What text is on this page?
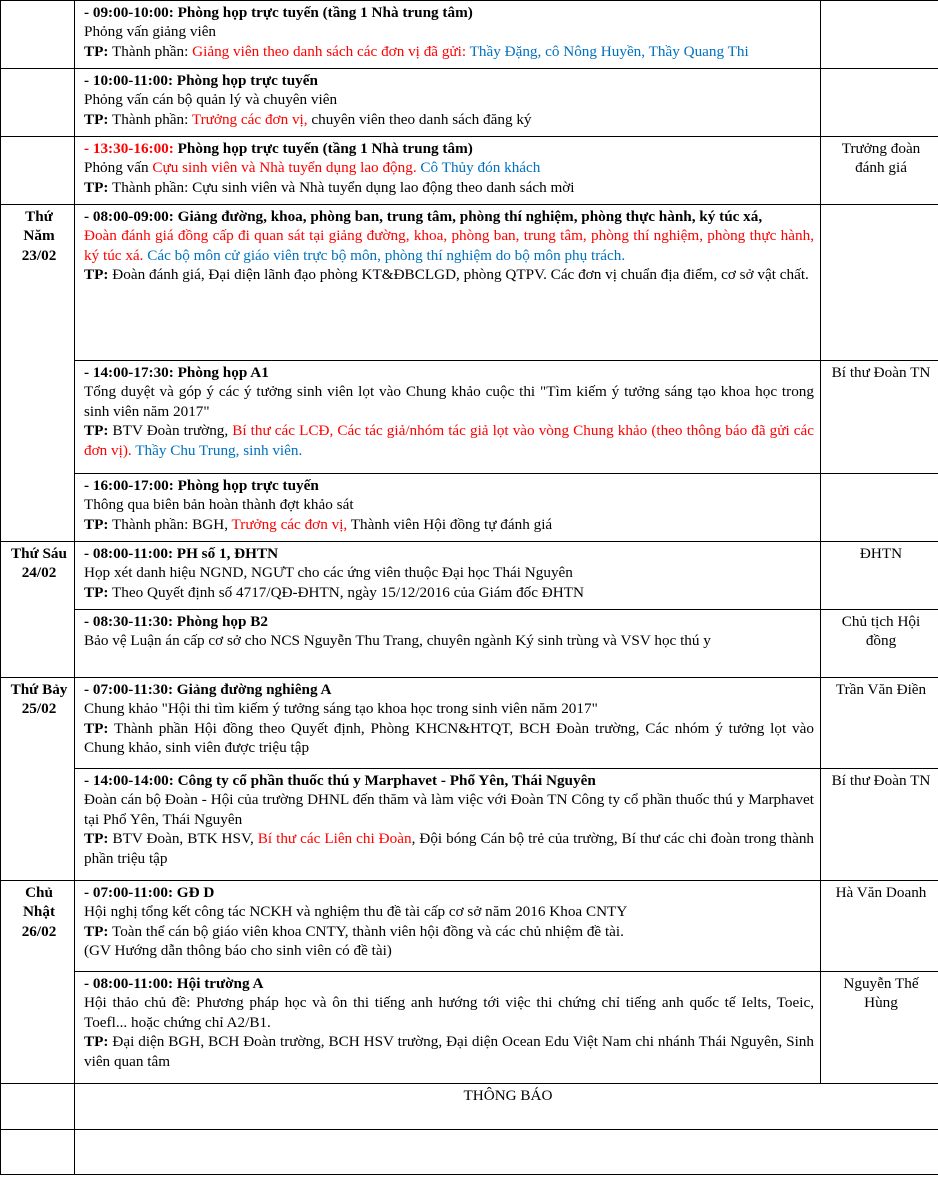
	- 09:00-10:00: Phòng họp trực tuyến (tầng 1 Nhà trung tâm)
Phỏng vấn giảng viên
TP: Thành phần: Giảng viên theo danh sách các đơn vị đã gửi: Thầy Đặng, cô Nông Huyền, Thầy Quang Thi	

	- 10:00-11:00: Phòng họp trực tuyến
Phỏng vấn cán bộ quản lý và chuyên viên
TP: Thành phần: Trưởng các đơn vị, chuyên viên theo danh sách đăng ký	

	- 13:30-16:00: Phòng họp trực tuyến (tầng 1 Nhà trung tâm)
Phỏng vấn Cựu sinh viên và Nhà tuyển dụng lao động. Cô Thủy đón khách
TP: Thành phần: Cựu sinh viên và Nhà tuyển dụng lao động theo danh sách mời	Trưởng đoàn đánh giá
Thứ Năm 23/02	- 08:00-09:00: Giảng đường, khoa, phòng ban, trung tâm, phòng thí nghiệm, phòng thực hành, ký túc xá,
Đoàn đánh giá đồng cấp đi quan sát tại giảng đường, khoa, phòng ban, trung tâm, phòng thí nghiệm, phòng thực hành, ký túc xá. Các bộ môn cử giáo viên trực bộ môn, phòng thí nghiệm do bộ môn phụ trách.
TP: Đoàn đánh giá, Đại diện lãnh đạo phòng KT&ĐBCLGD, phòng QTPV. Các đơn vị chuẩn địa điểm, cơ sở vật chất.	

	- 14:00-17:30: Phòng họp A1
Tổng duyệt và góp ý các ý tưởng sinh viên lọt vào Chung khảo cuộc thi "Tìm kiếm ý tưởng sáng tạo khoa học trong sinh viên năm 2017"
TP: BTV Đoàn trường, Bí thư các LCĐ, Các tác giả/nhóm tác giả lọt vào vòng Chung khảo (theo thông báo đã gửi các đơn vị). Thầy Chu Trung, sinh viên.	Bí thư Đoàn TN

	- 16:00-17:00: Phòng họp trực tuyến
Thông qua biên bản hoàn thành đợt khảo sát
TP: Thành phần: BGH, Trưởng các đơn vị, Thành viên Hội đồng tự đánh giá	

Thứ Sáu 24/02	- 08:00-11:00: PH số 1, ĐHTN
Họp xét danh hiệu NGND, NGƯT cho các ứng viên thuộc Đại học Thái Nguyên
TP: Theo Quyết định số 4717/QĐ-ĐHTN, ngày 15/12/2016 của Giám đốc ĐHTN	ĐHTN

	- 08:30-11:30: Phòng họp B2
Bảo vệ Luận án cấp cơ sở cho NCS Nguyễn Thu Trang, chuyên ngành Ký sinh trùng và VSV học thú y	Chủ tịch Hội đồng
Thứ Bảy 25/02	- 07:00-11:30: Giảng đường nghiêng A
Chung khảo "Hội thi tìm kiếm ý tưởng sáng tạo khoa học trong sinh viên năm 2017"
TP: Thành phần Hội đồng theo Quyết định, Phòng KHCN&HTQT, BCH Đoàn trường, Các nhóm ý tưởng lọt vào Chung khảo, sinh viên được triệu tập	Trần Văn Điền

	- 14:00-14:00: Công ty cổ phần thuốc thú y Marphavet - Phổ Yên, Thái Nguyên
Đoàn cán bộ Đoàn - Hội của trường DHNL đến thăm và làm việc với Đoàn TN Công ty cổ phần thuốc thú y Marphavet tại Phổ Yên, Thái Nguyên
TP: BTV Đoàn, BTK HSV, Bí thư các Liên chi Đoàn, Đội bóng Cán bộ trẻ của trường, Bí thư các chi đoàn trong thành phần triệu tập	Bí thư Đoàn TN
Chủ Nhật 26/02	- 07:00-11:00: GĐ D
Hội nghị tổng kết công tác NCKH và nghiệm thu đề tài cấp cơ sở năm 2016 Khoa CNTY
TP: Toàn thể cán bộ giáo viên khoa CNTY, thành viên hội đồng và các chủ nhiệm đề tài.
(GV Hướng dẫn thông báo cho sinh viên có đề tài)	Hà Văn Doanh

	- 08:00-11:00: Hội trường A
Hội thảo chủ đề: Phương pháp học và ôn thi tiếng anh hướng tới việc thi chứng chỉ tiếng anh quốc tế Ielts, Toeic, Toefl... hoặc chứng chỉ A2/B1.
TP: Đại diện BGH, BCH Đoàn trường, BCH HSV trường, Đại diện Ocean Edu Việt Nam chi nhánh Thái Nguyên, Sinh viên quan tâm	Nguyễn Thế Hùng
	THÔNG BÁO	
